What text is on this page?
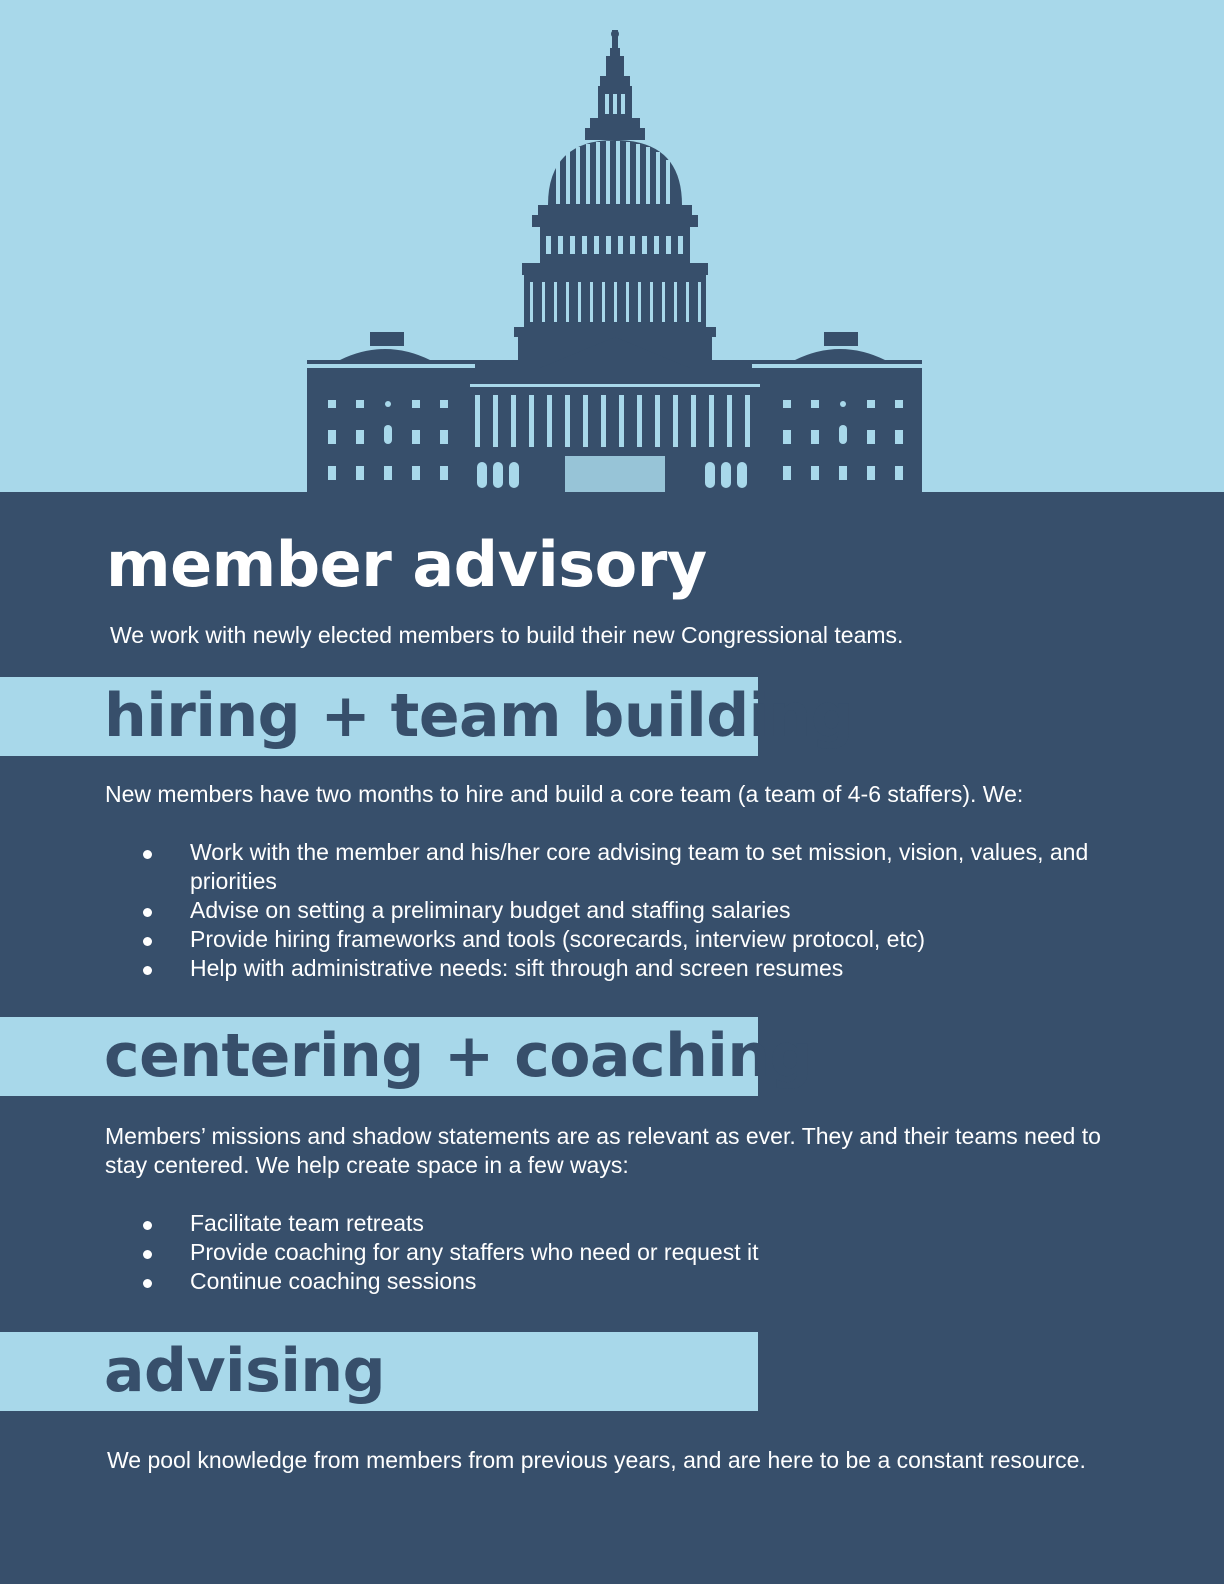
member advisory
We work with newly elected members to build their new Congressional teams.
hiring + team building
New members have two months to hire and build a core team (a team of 4-6 staffers). We:
Work with the member and his/her core advising team to set mission, vision, values, and priorities
Advise on setting a preliminary budget and staffing salaries
Provide hiring frameworks and tools (scorecards, interview protocol, etc)
Help with administrative needs: sift through and screen resumes
centering + coaching
Members’ missions and shadow statements are as relevant as ever. They and their teams need to stay centered. We help create space in a few ways:
Facilitate team retreats
Provide coaching for any staffers who need or request it
Continue coaching sessions
advising
We pool knowledge from members from previous years, and are here to be a constant resource.
